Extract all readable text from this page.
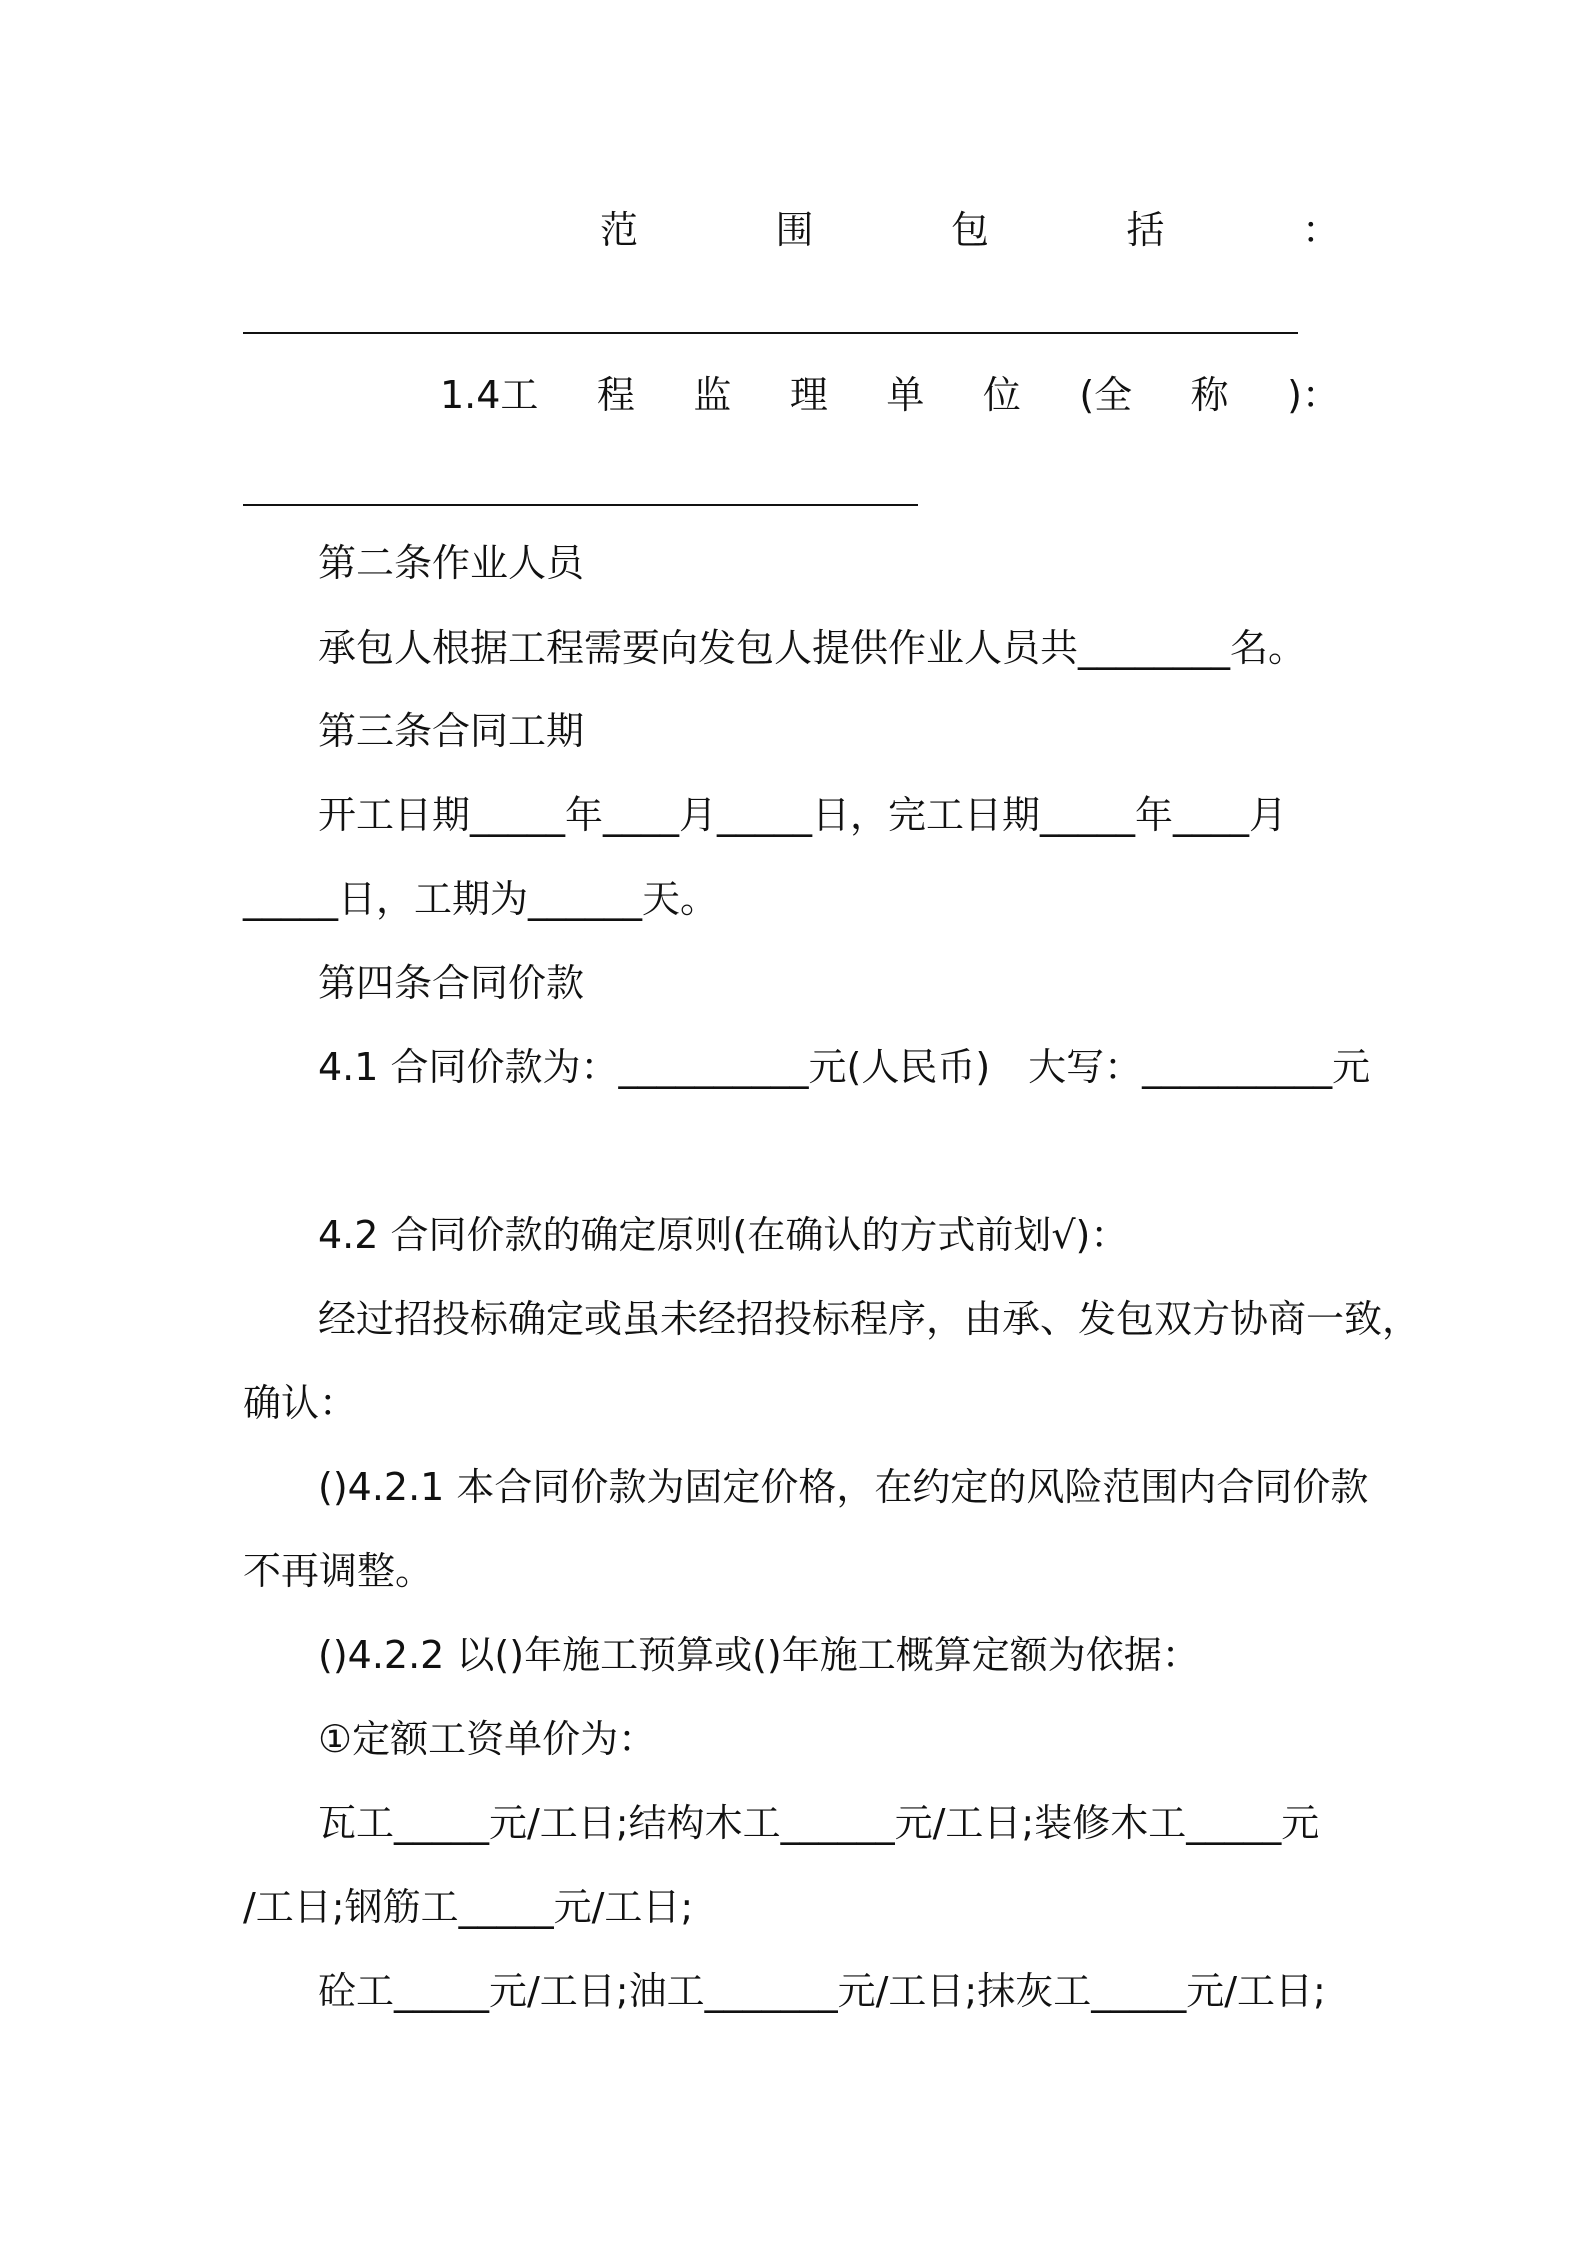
范	围	包	括	：
1.4工 程 监 理 单 位 (全 称 )：
第二条作业人员
承包人根据工程需要向发包人提供作业人员共________名。
第三条合同工期
开工日期_____年____月_____日，完工日期_____年____月
_____日，工期为______天。
第四条合同价款
4.1 合同价款为：__________元(人民币)　大写：__________元
4.2 合同价款的确定原则(在确认的方式前划√)：
经过招投标确定或虽未经招投标程序，由承、发包双方协商一致，
确认：
()4.2.1 本合同价款为固定价格，在约定的风险范围内合同价款
不再调整。
()4.2.2 以()年施工预算或()年施工概算定额为依据：
①定额工资单价为：
瓦工_____元/工日;结构木工______元/工日;装修木工_____元
/工日;钢筋工_____元/工日;
砼工_____元/工日;油工_______元/工日;抹灰工_____元/工日;
